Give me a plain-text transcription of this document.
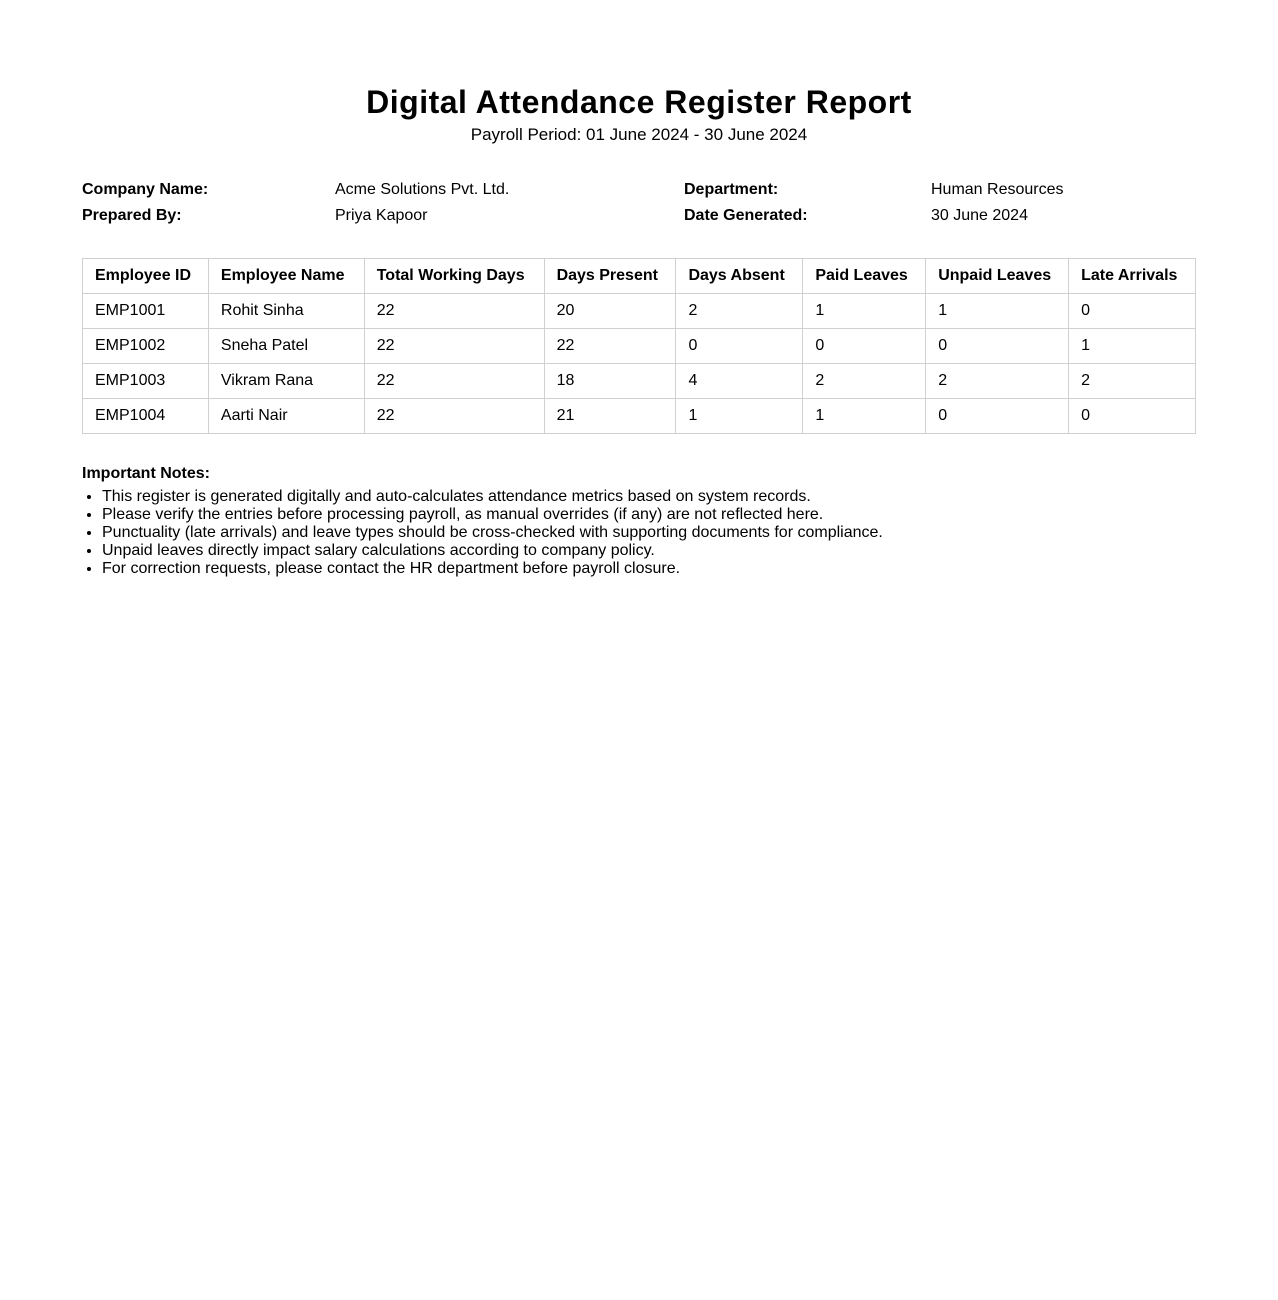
Digital Attendance Register Report

Payroll Period: 01 June 2024 - 30 June 2024

Company Name:	Acme Solutions Pvt. Ltd.	Department:	Human Resources
Prepared By:	Priya Kapoor	Date Generated:	30 June 2024
Employee ID	Employee Name	Total Working Days	Days Present	Days Absent	Paid Leaves	Unpaid Leaves	Late Arrivals
EMP1001	Rohit Sinha	22	20	2	1	1	0
EMP1002	Sneha Patel	22	22	0	0	0	1
EMP1003	Vikram Rana	22	18	4	2	2	2
EMP1004	Aarti Nair	22	21	1	1	0	0

Important Notes:

• This register is generated digitally and auto-calculates attendance metrics based on system records.
• Please verify the entries before processing payroll, as manual overrides (if any) are not reflected here.
• Punctuality (late arrivals) and leave types should be cross-checked with supporting documents for compliance.
• Unpaid leaves directly impact salary calculations according to company policy.
• For correction requests, please contact the HR department before payroll closure.
